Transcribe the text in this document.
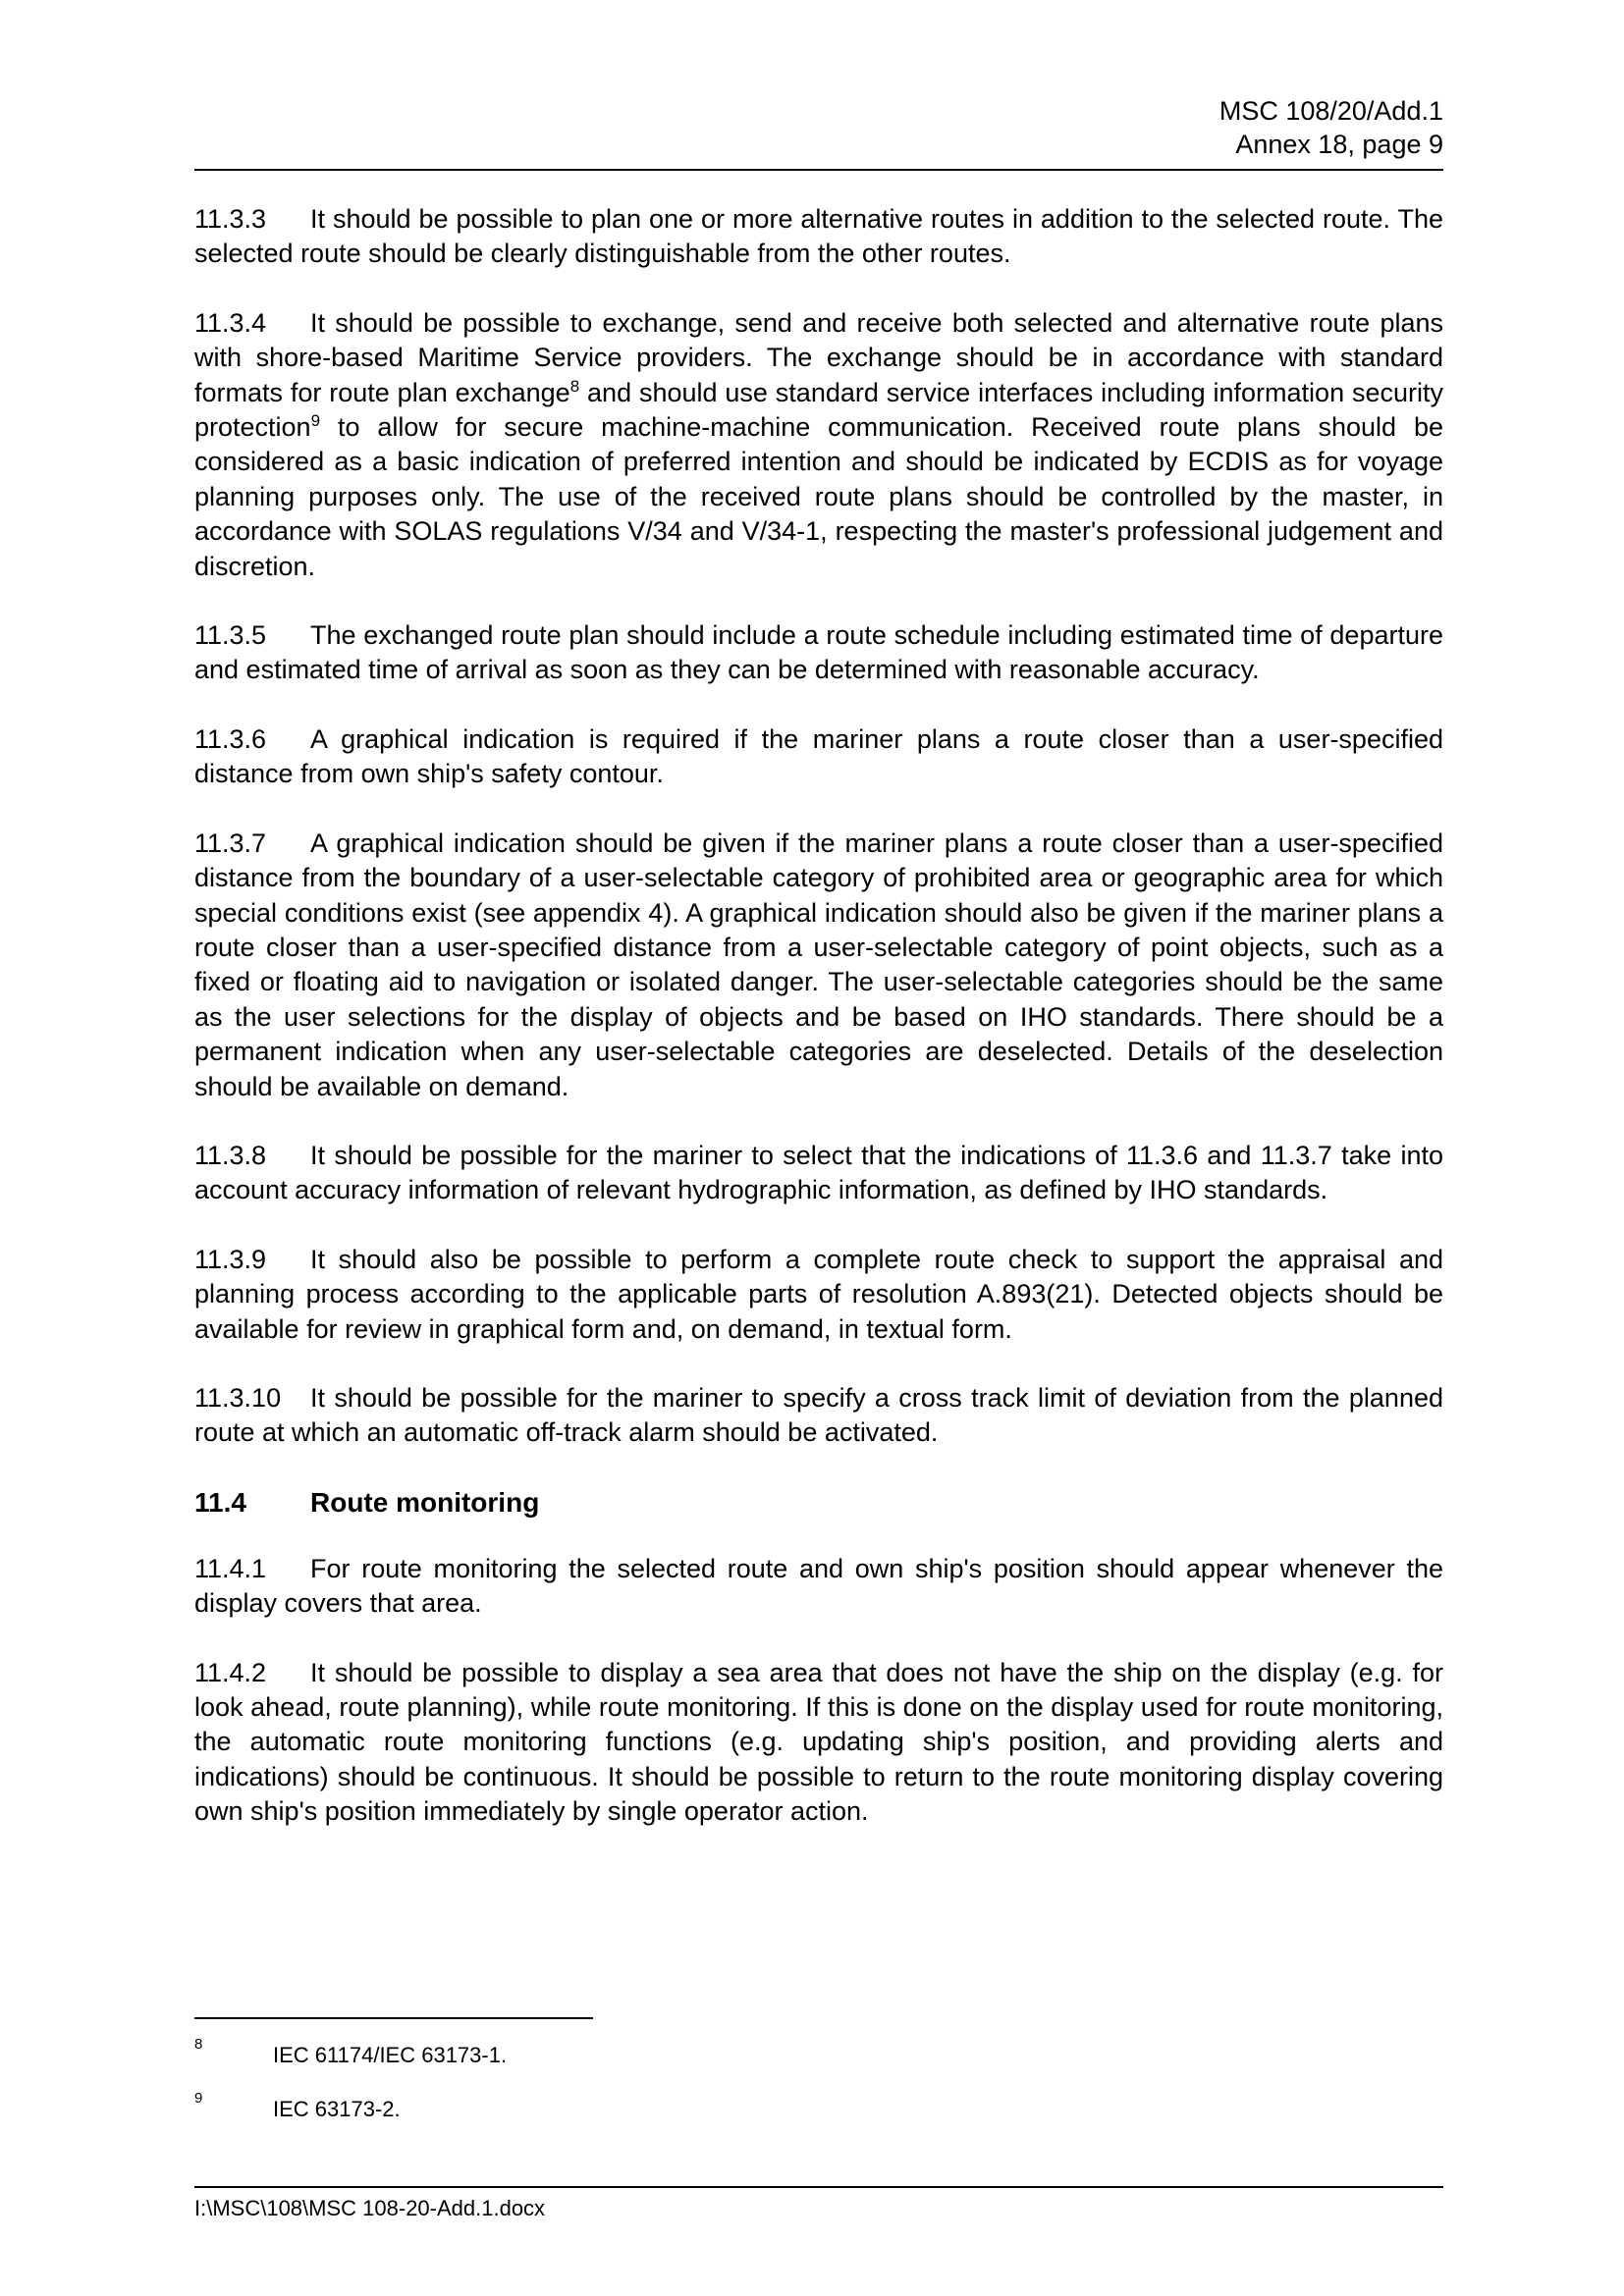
MSC 108/20/Add.1
Annex 18, page 9

11.3.3 It should be possible to plan one or more alternative routes in addition to the selected route. The selected route should be clearly distinguishable from the other routes.

11.3.4 It should be possible to exchange, send and receive both selected and alternative route plans with shore-based Maritime Service providers. The exchange should be in accordance with standard formats for route plan exchange$^8$ and should use standard service interfaces including information security protection$^9$ to allow for secure machine-machine communication. Received route plans should be considered as a basic indication of preferred intention and should be indicated by ECDIS as for voyage planning purposes only. The use of the received route plans should be controlled by the master, in accordance with SOLAS regulations V/34 and V/34-1, respecting the master's professional judgement and discretion.

11.3.5 The exchanged route plan should include a route schedule including estimated time of departure and estimated time of arrival as soon as they can be determined with reasonable accuracy.

11.3.6 A graphical indication is required if the mariner plans a route closer than a user-specified distance from own ship's safety contour.

11.3.7 A graphical indication should be given if the mariner plans a route closer than a user-specified distance from the boundary of a user-selectable category of prohibited area or geographic area for which special conditions exist (see appendix 4). A graphical indication should also be given if the mariner plans a route closer than a user-specified distance from a user-selectable category of point objects, such as a fixed or floating aid to navigation or isolated danger. The user-selectable categories should be the same as the user selections for the display of objects and be based on IHO standards. There should be a permanent indication when any user-selectable categories are deselected. Details of the deselection should be available on demand.

11.3.8 It should be possible for the mariner to select that the indications of 11.3.6 and 11.3.7 take into account accuracy information of relevant hydrographic information, as defined by IHO standards.

11.3.9 It should also be possible to perform a complete route check to support the appraisal and planning process according to the applicable parts of resolution A.893(21). Detected objects should be available for review in graphical form and, on demand, in textual form.

11.3.10 It should be possible for the mariner to specify a cross track limit of deviation from the planned route at which an automatic off-track alarm should be activated.

11.4 Route monitoring

11.4.1 For route monitoring the selected route and own ship's position should appear whenever the display covers that area.

11.4.2 It should be possible to display a sea area that does not have the ship on the display (e.g. for look ahead, route planning), while route monitoring. If this is done on the display used for route monitoring, the automatic route monitoring functions (e.g. updating ship's position, and providing alerts and indications) should be continuous. It should be possible to return to the route monitoring display covering own ship's position immediately by single operator action.

8	IEC 61174/IEC 63173-1.
9	IEC 63173-2.
I:\MSC\108\MSC 108-20-Add.1.docx
